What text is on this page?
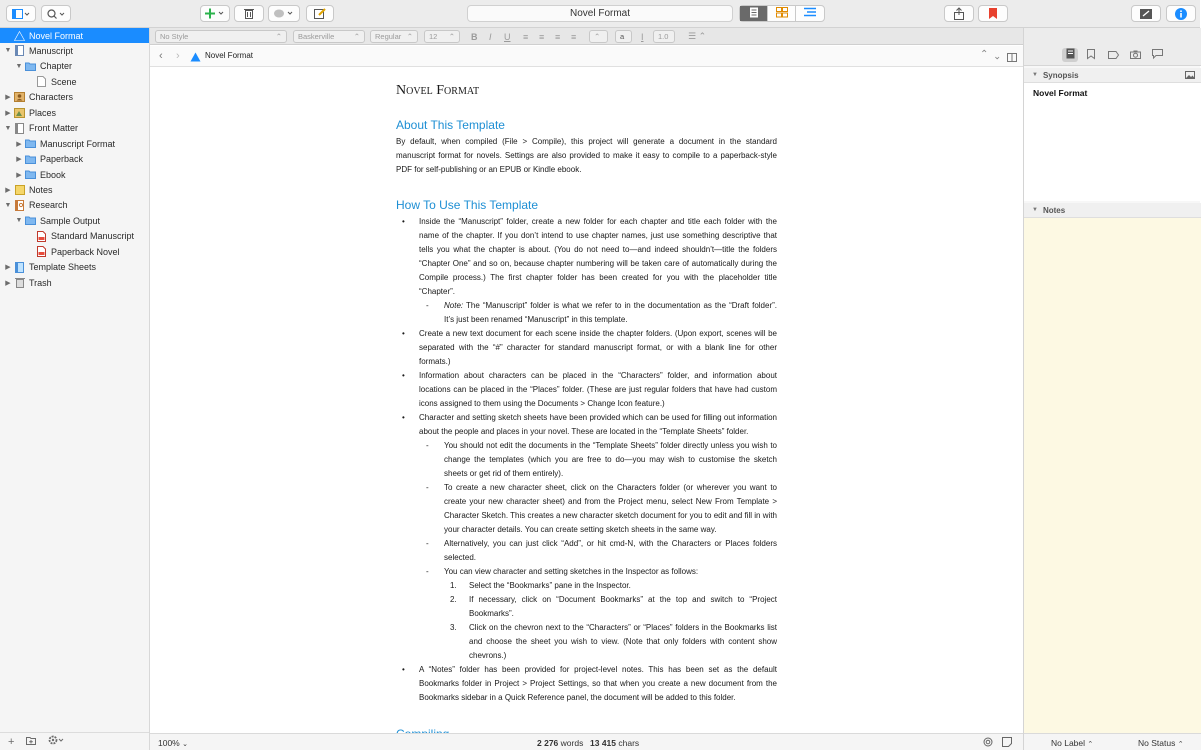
Novel Format
Novel Format
▼ Manuscript
▼ Chapter
Scene
▶ Characters
▶ Places
▼ Front Matter
▶ Manuscript Format
▶ Paperback
▶ Ebook
▶ Notes
▼ Research
▼ Sample Output
Standard Manuscript
Paperback Novel
▶ Template Sheets
▶ Trash
+
No Style	⌃ Baskerville	⌃ Regular ⌃ 12 ⌃ B I U ≡ ≡ ≡ ≡ ⌃	a I 1.0 ☰ ⌃
‹ ›	Novel Format	⌃ ⌃
Novel Format
About This Template

By default, when compiled (File > Compile), this project will generate a document in the standard manuscript format for novels. Settings are also provided to make it easy to compile to a paperback-style PDF for self-publishing or an EPUB or Kindle ebook.

How To Use This Template
• Inside the “Manuscript” folder, create a new folder for each chapter and title each folder with the name of the chapter. If you don’t intend to use chapter names, just use something descriptive that tells you what the chapter is about. (You do not need to—and indeed shouldn’t—title the folders “Chapter One” and so on, because chapter numbering will be taken care of automatically during the Compile process.) The first chapter folder has been created for you with the placeholder title “Chapter”.
- Note: The “Manuscript” folder is what we refer to in the documentation as the “Draft folder”. It’s just been renamed “Manuscript” in this template.
• Create a new text document for each scene inside the chapter folders. (Upon export, scenes will be separated with the “#” character for standard manuscript format, or with a blank line for other formats.)
• Information about characters can be placed in the “Characters” folder, and information about locations can be placed in the “Places” folder. (These are just regular folders that have had custom icons assigned to them using the Documents > Change Icon feature.)
• Character and setting sketch sheets have been provided which can be used for filling out information about the people and places in your novel. These are located in the “Template Sheets” folder.
- You should not edit the documents in the “Template Sheets” folder directly unless you wish to change the templates (which you are free to do—you may wish to customise the sketch sheets or get rid of them entirely).
- To create a new character sheet, click on the Characters folder (or wherever you want to create your new character sheet) and from the Project menu, select New From Template > Character Sketch. This creates a new character sketch document for you to edit and fill in with your character details. You can create setting sketch sheets in the same way.
- Alternatively, you can just click “Add”, or hit cmd-N, with the Characters or Places folders selected.
- You can view character and setting sketches in the Inspector as follows:
1. Select the “Bookmarks” pane in the Inspector.
2. If necessary, click on “Document Bookmarks” at the top and switch to “Project Bookmarks”.
3. Click on the chevron next to the “Characters” or “Places” folders in the Bookmarks list and choose the sheet you wish to view. (Note that only folders with content show chevrons.)
• A “Notes” folder has been provided for project-level notes. This has been set as the default Bookmarks folder in Project > Project Settings, so that when you create a new document from the Bookmarks sidebar in a Quick Reference panel, the document will be added to this folder.
100% ⌄	2 276 words 13 415 chars
▼ Synopsis
Novel Format
▼ Notes
No Label ⌃	No Status ⌃
